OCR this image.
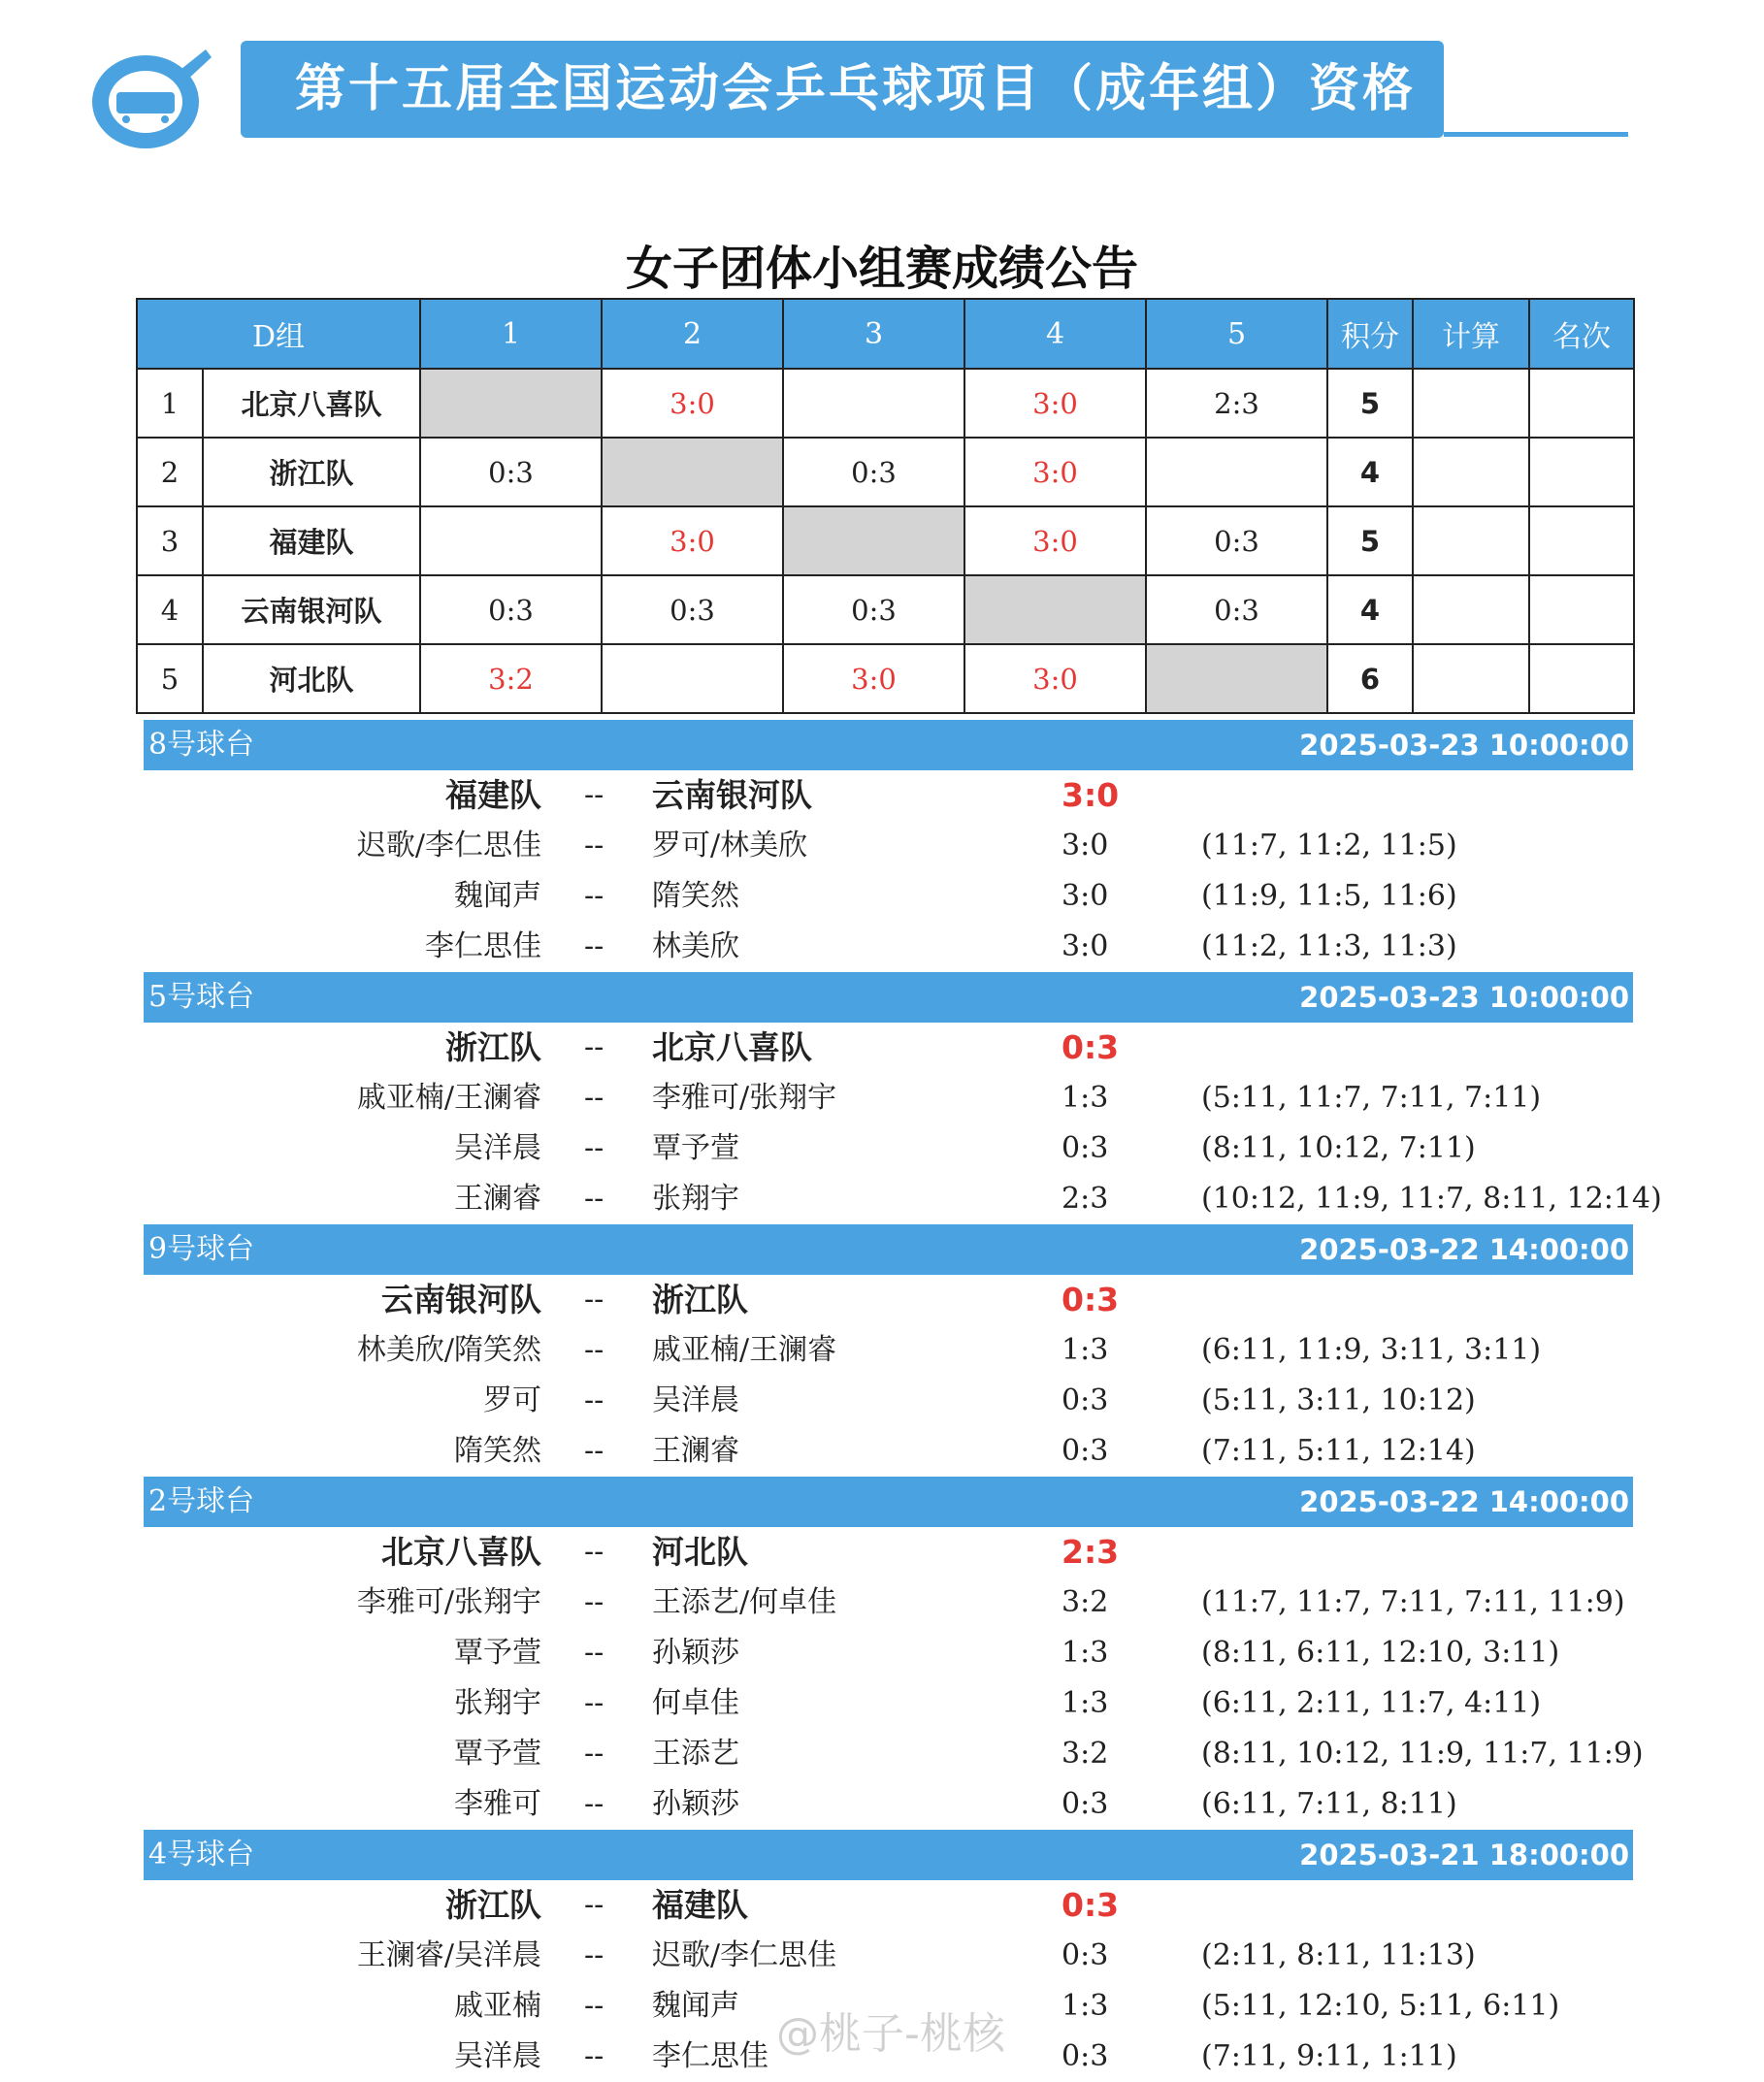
第十五届全国运动会乒乓球项目（成年组）资格赛
女子团体小组赛成绩公告
D组		1	2	3	4	5	积分	计算	名次
1	北京八喜队		3:0		3:0	2:3	5		
2	浙江队	0:3		0:3	3:0		4		
3	福建队		3:0		3:0	0:3	5		
4	云南银河队	0:3	0:3	0:3		0:3	4		
5	河北队	3:2		3:0	3:0		6		
8号球台	2025-03-23 10:00:00
福建队 -- 云南银河队	3:0
迟歌/李仁思佳 -- 罗可/林美欣	3:0	(11:7, 11:2, 11:5)
魏闻声 -- 隋笑然	3:0	(11:9, 11:5, 11:6)
李仁思佳 -- 林美欣	3:0	(11:2, 11:3, 11:3)
5号球台	2025-03-23 10:00:00
浙江队 -- 北京八喜队	0:3
戚亚楠/王澜睿 -- 李雅可/张翔宇	1:3	(5:11, 11:7, 7:11, 7:11)
吴洋晨 -- 覃予萱	0:3	(8:11, 10:12, 7:11)
王澜睿 -- 张翔宇	2:3	(10:12, 11:9, 11:7, 8:11, 12:14)
9号球台	2025-03-22 14:00:00
云南银河队 -- 浙江队	0:3
林美欣/隋笑然 -- 戚亚楠/王澜睿	1:3	(6:11, 11:9, 3:11, 3:11)
罗可 -- 吴洋晨	0:3	(5:11, 3:11, 10:12)
隋笑然 -- 王澜睿	0:3	(7:11, 5:11, 12:14)
2号球台	2025-03-22 14:00:00
北京八喜队 -- 河北队	2:3
李雅可/张翔宇 -- 王添艺/何卓佳	3:2	(11:7, 11:7, 7:11, 7:11, 11:9)
覃予萱 -- 孙颖莎	1:3	(8:11, 6:11, 12:10, 3:11)
张翔宇 -- 何卓佳	1:3	(6:11, 2:11, 11:7, 4:11)
覃予萱 -- 王添艺	3:2	(8:11, 10:12, 11:9, 11:7, 11:9)
李雅可 -- 孙颖莎	0:3	(6:11, 7:11, 8:11)
4号球台	2025-03-21 18:00:00
浙江队 -- 福建队	0:3
王澜睿/吴洋晨 -- 迟歌/李仁思佳	0:3	(2:11, 8:11, 11:13)
戚亚楠 -- 魏闻声	1:3	(5:11, 12:10, 5:11, 6:11)
吴洋晨 -- 李仁思佳	0:3	(7:11, 9:11, 1:11)
@桃子-桃核
